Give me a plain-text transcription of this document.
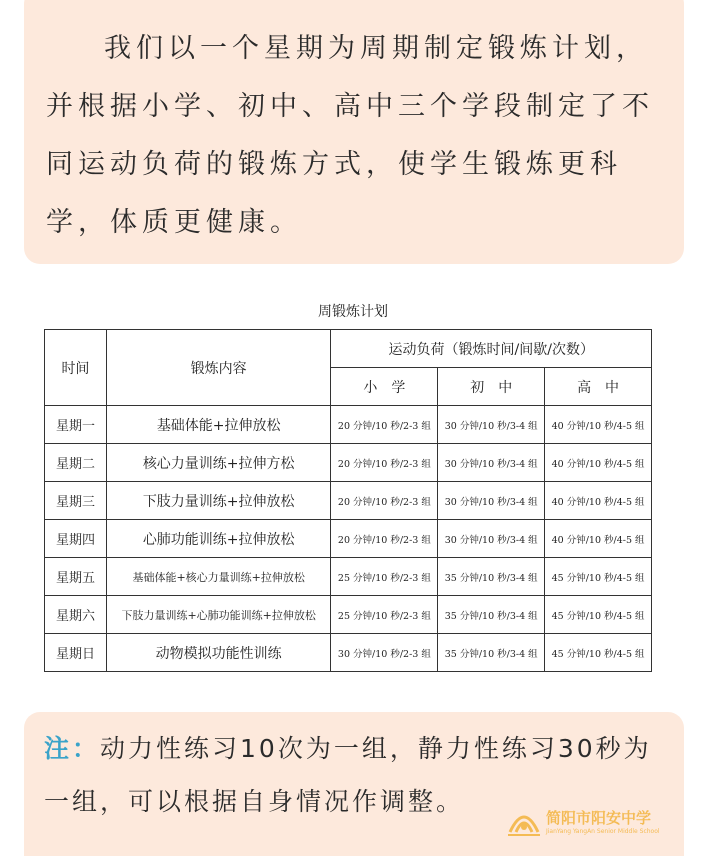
我们以一个星期为周期制定锻炼计划，并根据小学、初中、高中三个学段制定了不同运动负荷的锻炼方式，使学生锻炼更科学，体质更健康。

周锻炼计划
时间	锻炼内容	运动负荷（锻炼时间/间歇/次数）		
		小　学	初　中	高　中
星期一	基础体能+拉伸放松	20 分钟/10 秒/2-3 组	30 分钟/10 秒/3-4 组	40 分钟/10 秒/4-5 组
星期二	核心力量训练+拉伸方松	20 分钟/10 秒/2-3 组	30 分钟/10 秒/3-4 组	40 分钟/10 秒/4-5 组
星期三	下肢力量训练+拉伸放松	20 分钟/10 秒/2-3 组	30 分钟/10 秒/3-4 组	40 分钟/10 秒/4-5 组
星期四	心肺功能训练+拉伸放松	20 分钟/10 秒/2-3 组	30 分钟/10 秒/3-4 组	40 分钟/10 秒/4-5 组
星期五	基础体能+核心力量训练+拉伸放松	25 分钟/10 秒/2-3 组	35 分钟/10 秒/3-4 组	45 分钟/10 秒/4-5 组
星期六	下肢力量训练+心肺功能训练+拉伸放松	25 分钟/10 秒/2-3 组	35 分钟/10 秒/3-4 组	45 分钟/10 秒/4-5 组
星期日	动物模拟功能性训练	30 分钟/10 秒/2-3 组	35 分钟/10 秒/3-4 组	45 分钟/10 秒/4-5 组

注：动力性练习10次为一组，静力性练习30秒为一组，可以根据自身情况作调整。

简阳市阳安中学
JianYang YangAn Senior Middle School
